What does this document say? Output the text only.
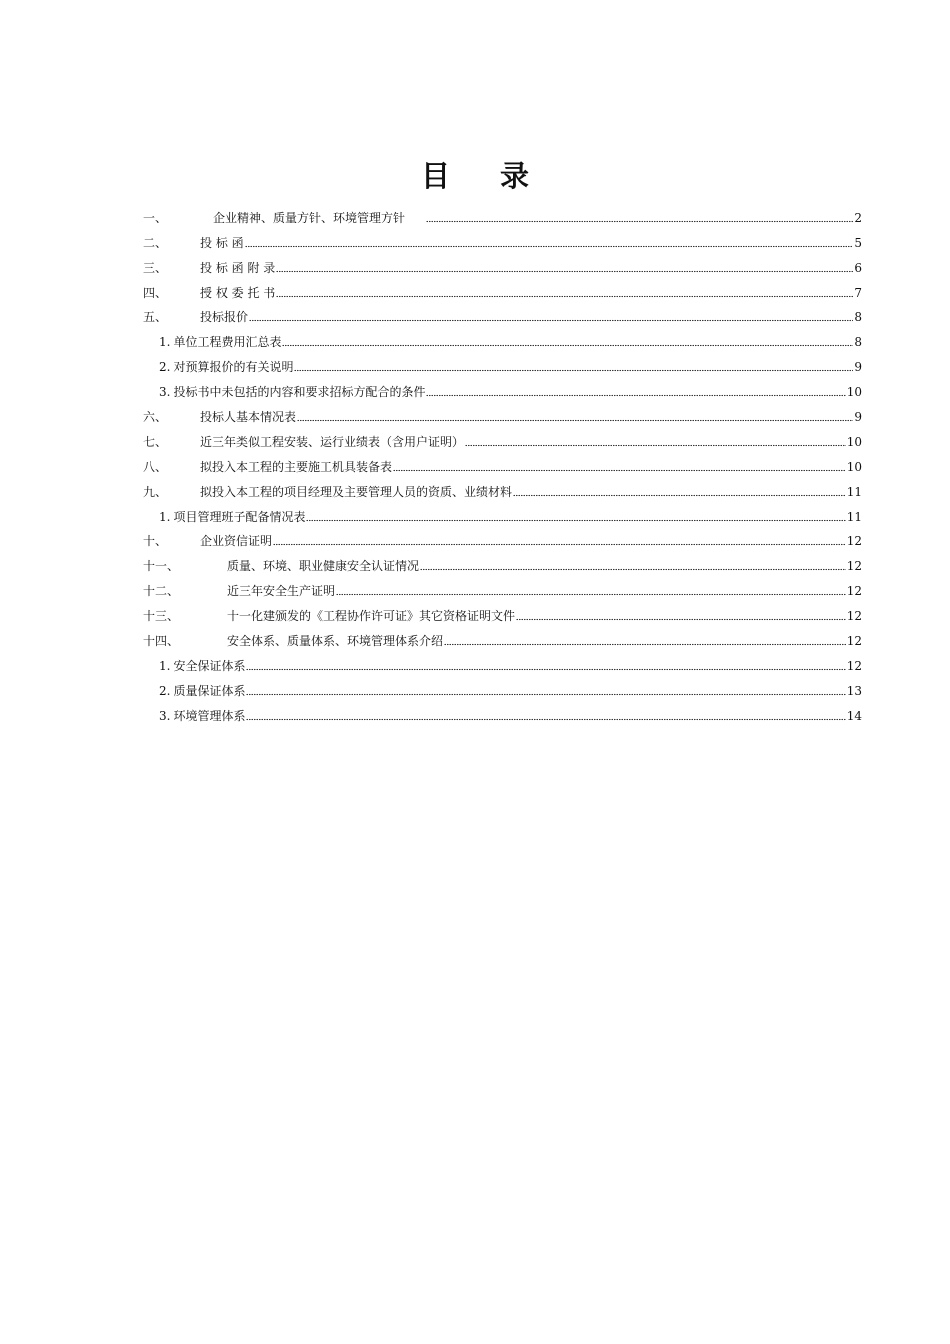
目 录
一、	企业精神、质量方针、环境管理方针	2
二、	投 标 函	5
三、	投 标 函 附 录	6
四、	授 权 委 托 书	7
五、	投标报价	8
1. 单位工程费用汇总表	8
2. 对预算报价的有关说明	9
3. 投标书中未包括的内容和要求招标方配合的条件	10
六、	投标人基本情况表	9
七、	近三年类似工程安装、运行业绩表（含用户证明）	10
八、	拟投入本工程的主要施工机具装备表	10
九、	拟投入本工程的项目经理及主要管理人员的资质、业绩材料	11
1. 项目管理班子配备情况表	11
十、	企业资信证明	12
十一、	质量、环境、职业健康安全认证情况	12
十二、	近三年安全生产证明	12
十三、	十一化建颁发的《工程协作许可证》其它资格证明文件	12
十四、	安全体系、质量体系、环境管理体系介绍	12
1. 安全保证体系	12
2. 质量保证体系	13
3. 环境管理体系	14
